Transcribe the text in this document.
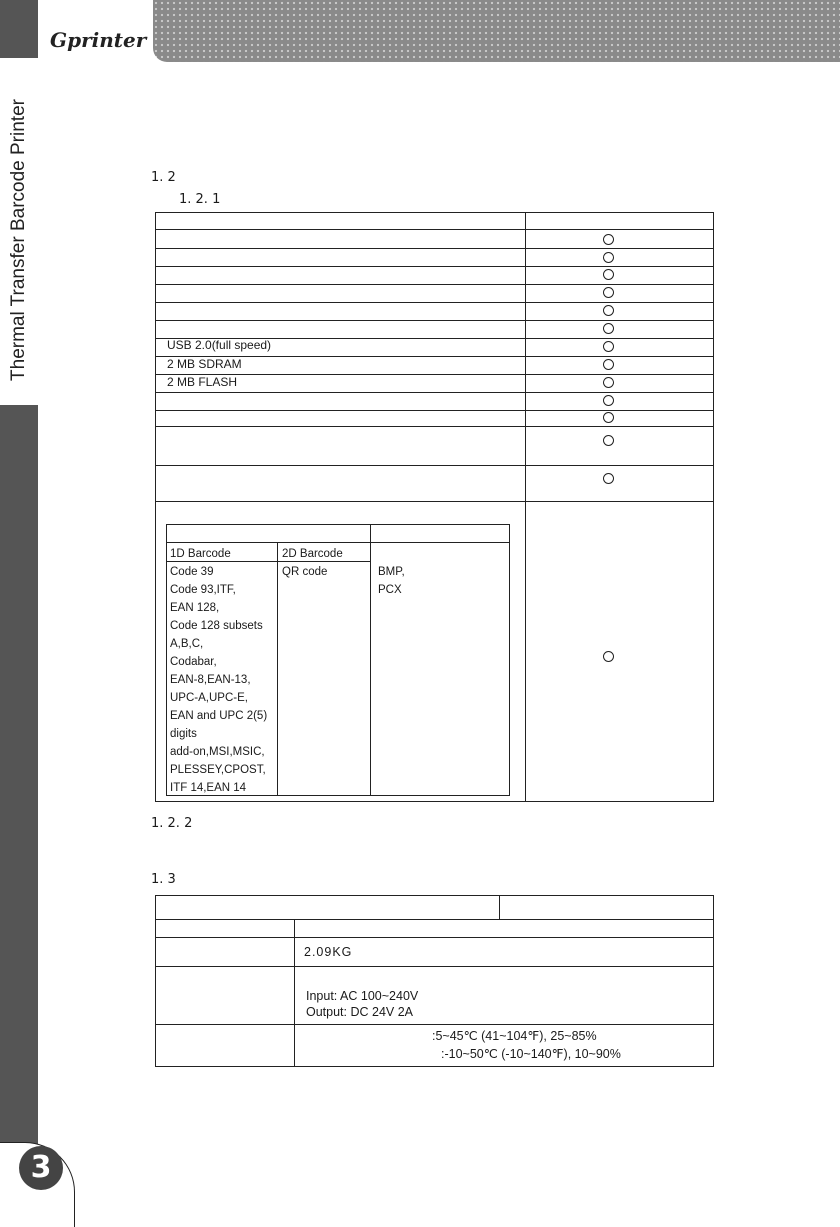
Thermal Transfer Barcode Printer
Gprinter
1. 2
1. 2. 1
USB 2.0(full speed)
2 MB SDRAM
2 MB FLASH
1D Barcode	2D Barcode
Code 39
Code 93,ITF,
EAN 128,
Code 128 subsets
A,B,C,
Codabar,
EAN-8,EAN-13,
UPC-A,UPC-E,
EAN and UPC 2(5)
digits
add-on,MSI,MSIC,
PLESSEY,CPOST,
ITF 14,EAN 14
QR code	BMP,
PCX
1. 2. 2
1. 3
2.09KG
Input: AC 100~240V
Output: DC 24V 2A
:5~45℃ (41~104℉), 25~85%
:-10~50℃ (-10~140℉), 10~90%
3
